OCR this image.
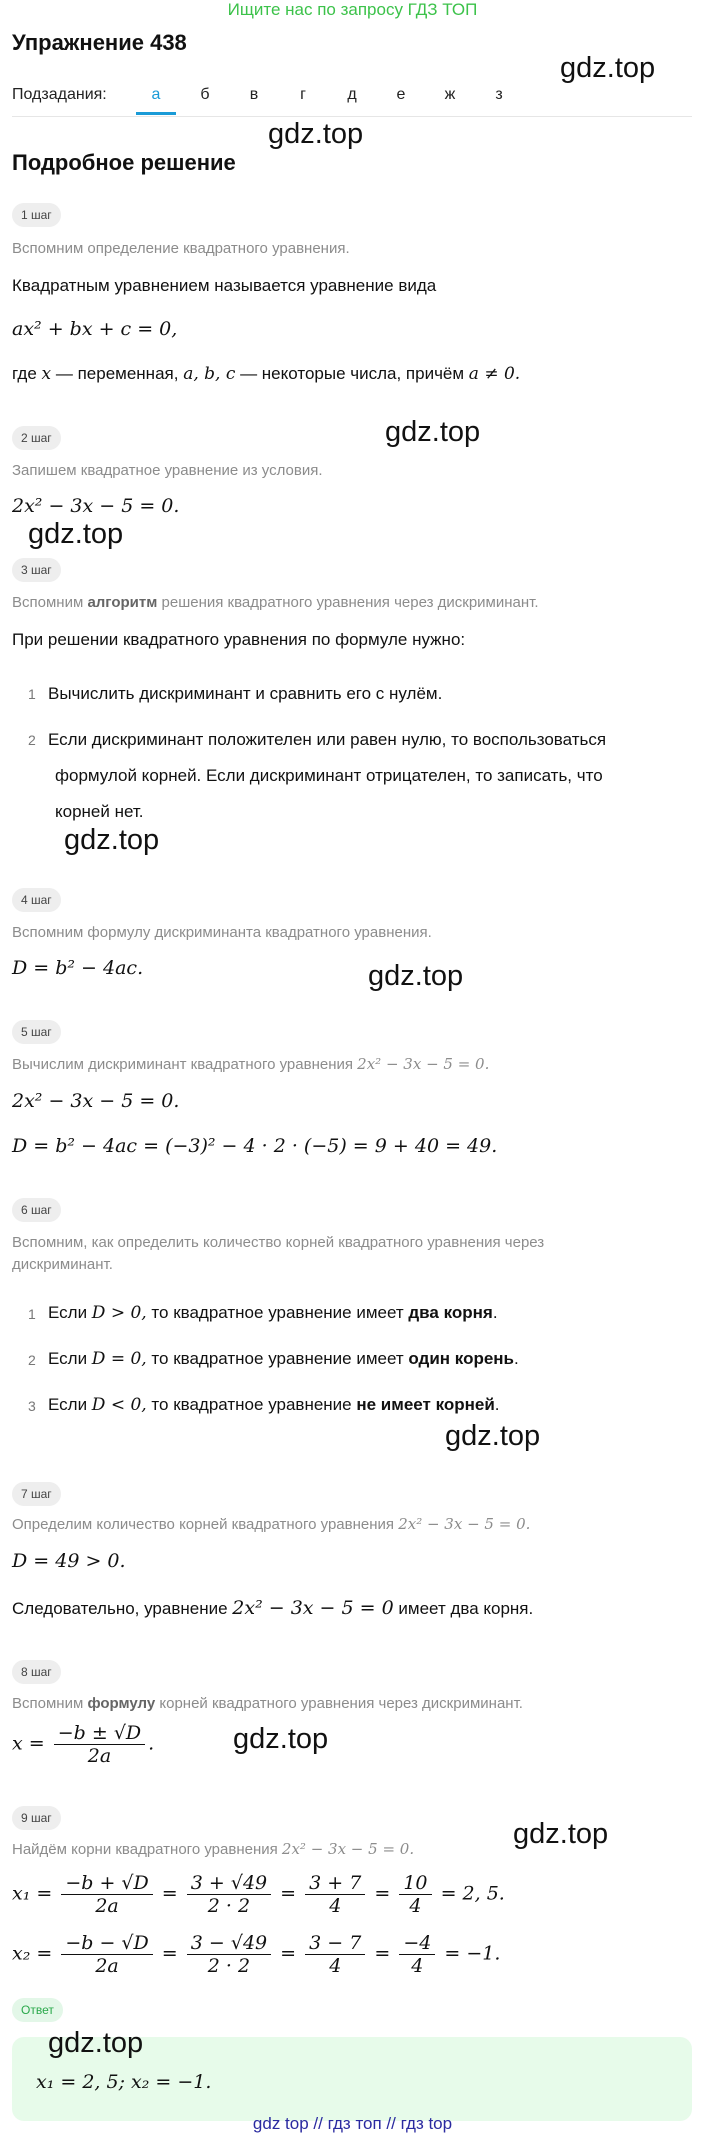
Ищите нас по запросу ГДЗ ТОП
Упражнение 438
gdz.top
Подзадания:	а	б	в	г	д	е	ж	з
gdz.top
Подробное решение
1 шаг
Вспомним определение квадратного уравнения.
Квадратным уравнением называется уравнение вида
ax² + bx + c = 0,
где x — переменная, a, b, c — некоторые числа, причём a ≠ 0.
2 шаг	gdz.top
Запишем квадратное уравнение из условия.
2x² − 3x − 5 = 0.
gdz.top
3 шаг
Вспомним алгоритм решения квадратного уравнения через дискриминант.
При решении квадратного уравнения по формуле нужно:
1 Вычислить дискриминант и сравнить его с нулём.
2 Если дискриминант положителен или равен нулю, то воспользоваться
формулой корней. Если дискриминант отрицателен, то записать, что
корней нет.
gdz.top
4 шаг
Вспомним формулу дискриминанта квадратного уравнения.
D = b² − 4ac.	gdz.top
5 шаг
Вычислим дискриминант квадратного уравнения 2x² − 3x − 5 = 0.
2x² − 3x − 5 = 0.
D = b² − 4ac = (−3)² − 4 · 2 · (−5) = 9 + 40 = 49.
6 шаг
Вспомним, как определить количество корней квадратного уравнения через
дискриминант.
1 Если D > 0, то квадратное уравнение имеет два корня.
2 Если D = 0, то квадратное уравнение имеет один корень.
3 Если D < 0, то квадратное уравнение не имеет корней.
gdz.top
7 шаг
Определим количество корней квадратного уравнения 2x² − 3x − 5 = 0.
D = 49 > 0.
Следовательно, уравнение 2x² − 3x − 5 = 0 имеет два корня.
8 шаг
Вспомним формулу корней квадратного уравнения через дискриминант.
$x = \frac{-b \pm √D}{2a}$ .	gdz.top
9 шаг	gdz.top
Найдём корни квадратного уравнения 2x² − 3x − 5 = 0.
$x_1 = \frac{-b + √D}{2a} = \frac{3 + √49}{2 \cdot 2} = \frac{3 + 7}{4} = \frac{10}{4} = 2$, 5.
$x_2 = \frac{-b - √D}{2a} = \frac{3 - √49}{2 \cdot 2} = \frac{3 - 7}{4} = \frac{-4}{4} = -1$.
Ответ
gdz.top
x₁ = 2, 5; x₂ = −1.
gdz top // гдз топ // гдз top
